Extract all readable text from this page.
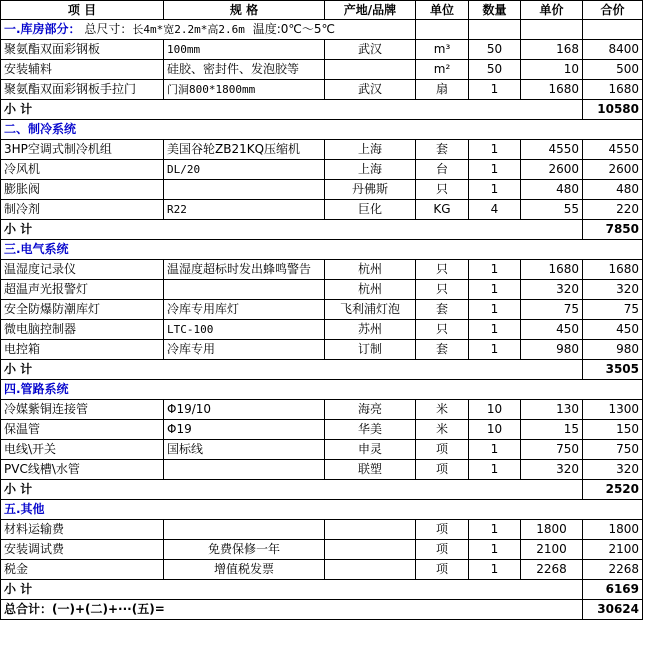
项 目	规 格	产地/品牌	单位	数量	单价	合价
一.库房部分： 总尺寸：长4m*宽2.2m*高2.6m 温度:0℃～5℃						
聚氨酯双面彩钢板	100mm	武汉	m³	50	168	8400
安装辅料	硅胶、密封件、发泡胶等		m²	50	10	500
聚氨酯双面彩钢板手拉门	门洞800*1800mm	武汉	扇	1	1680	1680
小 计						10580
二、制冷系统						
3HP空调式制冷机组	美国谷轮ZB21KQ压缩机	上海	套	1	4550	4550
冷风机	DL/20	上海	台	1	2600	2600
膨胀阀		丹佛斯	只	1	480	480
制冷剂	R22	巨化	KG	4	55	220
小 计						7850
三.电气系统						
温湿度记录仪	温湿度超标时发出蜂鸣警告	杭州	只	1	1680	1680
超温声光报警灯		杭州	只	1	320	320
安全防爆防潮库灯	冷库专用库灯	飞利浦灯泡	套	1	75	75
微电脑控制器	LTC-100	苏州	只	1	450	450
电控箱	冷库专用	订制	套	1	980	980
小 计						3505
四.管路系统						
冷媒紫铜连接管	Φ19/10	海亮	米	10	130	1300
保温管	Φ19	华美	米	10	15	150
电线\开关	国标线	申灵	项	1	750	750
PVC线槽\水管		联塑	项	1	320	320
小 计						2520
五.其他						
材料运输费			项	1	1800	1800
安装调试费	免费保修一年		项	1	2100	2100
税金	增值税发票		项	1	2268	2268
小 计						6169
总合计：(一)+(二)+···(五)=						30624
